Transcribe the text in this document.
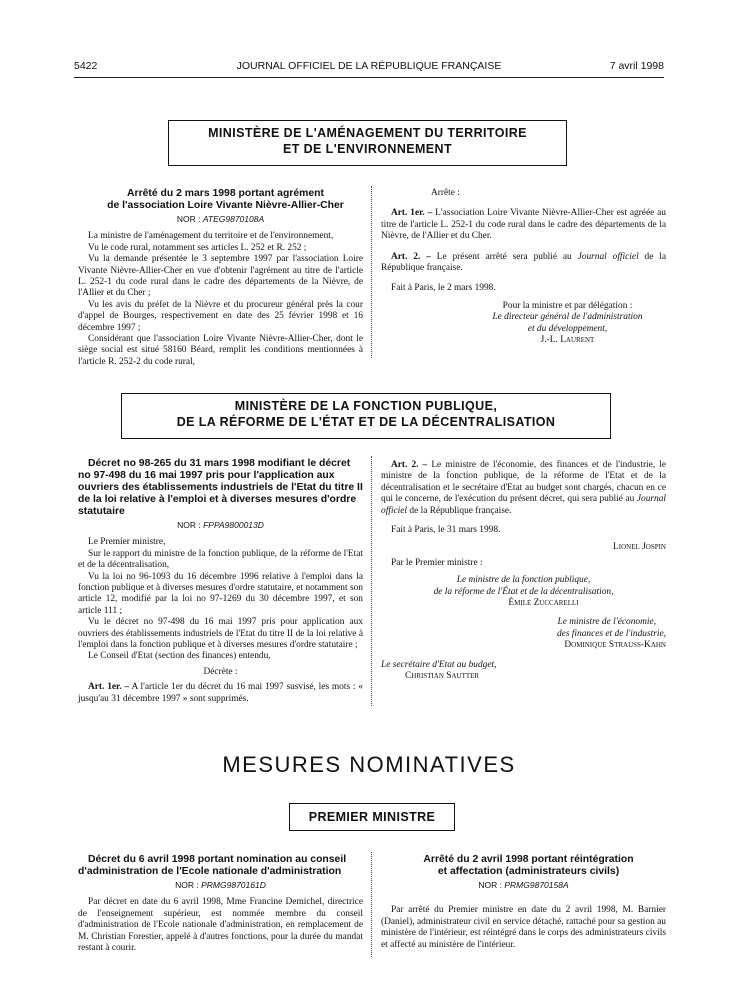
5422	JOURNAL OFFICIEL DE LA RÉPUBLIQUE FRANÇAISE	7 avril 1998
MINISTÈRE DE L'AMÉNAGEMENT DU TERRITOIRE
ET DE L'ENVIRONNEMENT

Arrêté du 2 mars 1998 portant agrément

de l'association Loire Vivante Nièvre-Allier-Cher

NOR : ATEG9870108A

La ministre de l'aménagement du territoire et de l'environnement,

Vu le code rural, notamment ses articles L. 252 et R. 252 ;

Vu la demande présentée le 3 septembre 1997 par l'association Loire Vivante Nièvre-Allier-Cher en vue d'obtenir l'agrément au titre de l'article L. 252-1 du code rural dans le cadre des départements de la Nièvre, de l'Allier et du Cher ;

Vu les avis du préfet de la Nièvre et du procureur général près la cour d'appel de Bourges, respectivement en date des 25 février 1998 et 16 décembre 1997 ;

Considérant que l'association Loire Vivante Nièvre-Allier-Cher, dont le siège social est situé 58160 Béard, remplit les conditions mentionnées à l'article R. 252-2 du code rural,

Arrête :

Art. 1er. – L'association Loire Vivante Nièvre-Allier-Cher est agréée au titre de l'article L. 252-1 du code rural dans le cadre des départements de la Nièvre, de l'Allier et du Cher.

Art. 2. – Le présent arrêté sera publié au Journal officiel de la République française.

Fait à Paris, le 2 mars 1998.

Pour la ministre et par délégation :
Le directeur général de l'administration
et du développement,
J.-L. Laurent
MINISTÈRE DE LA FONCTION PUBLIQUE,
DE LA RÉFORME DE L'ÉTAT ET DE LA DÉCENTRALISATION

Décret no 98-265 du 31 mars 1998 modifiant le décret no 97-498 du 16 mai 1997 pris pour l'application aux ouvriers des établissements industriels de l'Etat du titre II de la loi relative à l'emploi et à diverses mesures d'ordre statutaire

NOR : FPPA9800013D

Le Premier ministre,

Sur le rapport du ministre de la fonction publique, de la réforme de l'Etat et de la décentralisation,

Vu la loi no 96-1093 du 16 décembre 1996 relative à l'emploi dans la fonction publique et à diverses mesures d'ordre statutaire, et notamment son article 12, modifié par la loi no 97-1269 du 30 décembre 1997, et son article 111 ;

Vu le décret no 97-498 du 16 mai 1997 pris pour application aux ouvriers des établissements industriels de l'Etat du titre II de la loi relative à l'emploi dans la fonction publique et à diverses mesures d'ordre statutaire ;

Le Conseil d'Etat (section des finances) entendu,

Décrète :

Art. 1er. – A l'article 1er du décret du 16 mai 1997 susvisé, les mots : « jusqu'au 31 décembre 1997 » sont supprimés.

Art. 2. – Le ministre de l'économie, des finances et de l'industrie, le ministre de la fonction publique, de la réforme de l'Etat et de la décentralisation et le secrétaire d'Etat au budget sont chargés, chacun en ce qui le concerne, de l'exécution du présent décret, qui sera publié au Journal officiel de la République française.

Fait à Paris, le 31 mars 1998.

Lionel Jospin

Par le Premier ministre :

Le ministre de la fonction publique,
de la réforme de l'État et de la décentralisation,
Émile Zuccarelli
Le ministre de l'économie,
des finances et de l'industrie,
Dominique Strauss-Kahn
Le secrétaire d'Etat au budget,
Christian Sautter
MESURES NOMINATIVES
PREMIER MINISTRE

Décret du 6 avril 1998 portant nomination au conseil d'administration de l'Ecole nationale d'administration

NOR : PRMG9870161D

Par décret en date du 6 avril 1998, Mme Francine Demichel, directrice de l'enseignement supérieur, est nommée membre du conseil d'administration de l'Ecole nationale d'administration, en remplacement de M. Christian Forestier, appelé à d'autres fonctions, pour la durée du mandat restant à courir.

Arrêté du 2 avril 1998 portant réintégration

et affectation (administrateurs civils)

NOR : PRMG9870158A

Par arrêté du Premier ministre en date du 2 avril 1998, M. Barnier (Daniel), administrateur civil en service détaché, rattaché pour sa gestion au ministère de l'intérieur, est réintégré dans le corps des administrateurs civils et affecté au ministère de l'intérieur.
